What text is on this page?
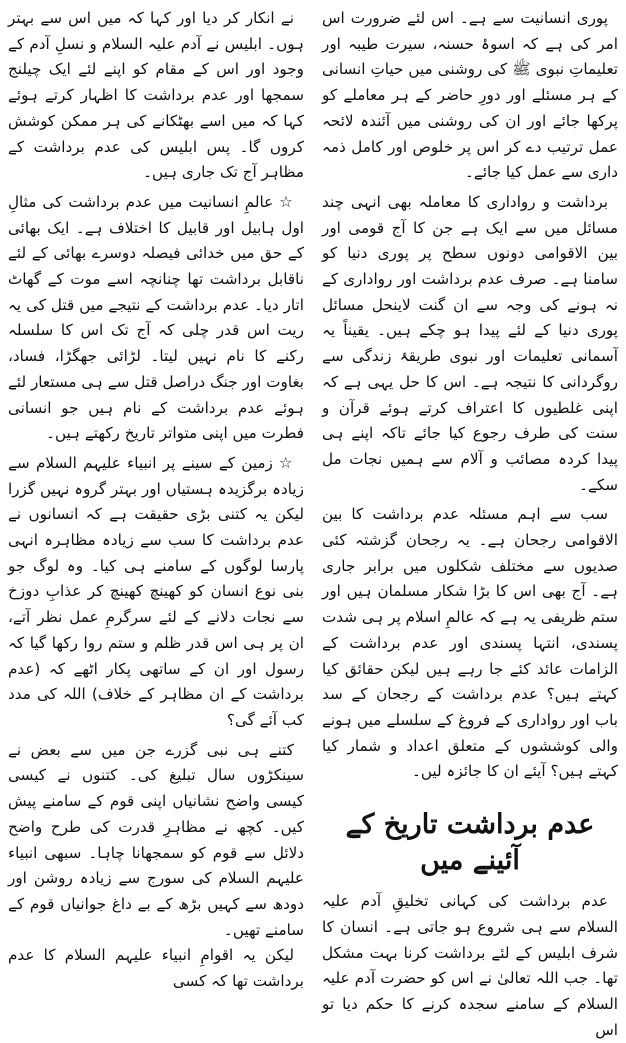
پوری انسانیت سے ہے۔ اس لئے ضرورت اس امر کی ہے کہ اسوۂ حسنہ، سیرت طیبہ اور تعلیماتِ نبوی ﷺ کی روشنی میں حیاتِ انسانی کے ہر مسئلے اور دورِ حاضر کے ہر معاملے کو پرکھا جائے اور ان کی روشنی میں آئندہ لائحہ عمل ترتیب دے کر اس پر خلوص اور کامل ذمہ داری سے عمل کیا جائے۔

برداشت و رواداری کا معاملہ بھی انہی چند مسائل میں سے ایک ہے جن کا آج قومی اور بین الاقوامی دونوں سطح پر پوری دنیا کو سامنا ہے۔ صرف عدم برداشت اور رواداری کے نہ ہونے کی وجہ سے ان گنت لاینحل مسائل پوری دنیا کے لئے پیدا ہو چکے ہیں۔ یقیناً یہ آسمانی تعلیمات اور نبوی طریقۂ زندگی سے روگردانی کا نتیجہ ہے۔ اس کا حل یہی ہے کہ اپنی غلطیوں کا اعتراف کرتے ہوئے قرآن و سنت کی طرف رجوع کیا جائے تاکہ اپنے ہی پیدا کردہ مصائب و آلام سے ہمیں نجات مل سکے۔

سب سے اہم مسئلہ عدم برداشت کا بین الاقوامی رجحان ہے۔ یہ رجحان گزشتہ کئی صدیوں سے مختلف شکلوں میں برابر جاری ہے۔ آج بھی اس کا بڑا شکار مسلمان ہیں اور ستم ظریفی یہ ہے کہ عالمِ اسلام پر ہی شدت پسندی، انتہا پسندی اور عدم برداشت کے الزامات عائد کئے جا رہے ہیں لیکن حقائق کیا کہتے ہیں؟ عدم برداشت کے رجحان کے سد باب اور رواداری کے فروغ کے سلسلے میں ہونے والی کوششوں کے متعلق اعداد و شمار کیا کہتے ہیں؟ آیئے ان کا جائزہ لیں۔

عدم برداشت تاریخ کے آئینے میں

عدم برداشت کی کہانی تخلیقِ آدم علیہ السلام سے ہی شروع ہو جاتی ہے۔ انسان کا شرف ابلیس کے لئے برداشت کرنا بہت مشکل تھا۔ جب اللہ تعالیٰ نے اس کو حضرت آدم علیہ السلام کے سامنے سجدہ کرنے کا حکم دیا تو اس

نے انکار کر دیا اور کہا کہ میں اس سے بہتر ہوں۔ ابلیس نے آدم علیہ السلام و نسلِ آدم کے وجود اور اس کے مقام کو اپنے لئے ایک چیلنج سمجھا اور عدم برداشت کا اظہار کرتے ہوئے کہا کہ میں اسے بھٹکانے کی ہر ممکن کوشش کروں گا۔ پس ابلیس کی عدم برداشت کے مظاہر آج تک جاری ہیں۔

☆عالمِ انسانیت میں عدم برداشت کی مثالِ اول ہابیل اور قابیل کا اختلاف ہے۔ ایک بھائی کے حق میں خدائی فیصلہ دوسرے بھائی کے لئے ناقابل برداشت تھا چنانچہ اسے موت کے گھاٹ اتار دیا۔ عدم برداشت کے نتیجے میں قتل کی یہ ریت اس قدر چلی کہ آج تک اس کا سلسلہ رکنے کا نام نہیں لیتا۔ لڑائی جھگڑا، فساد، بغاوت اور جنگ دراصل قتل سے ہی مستعار لئے ہوئے عدم برداشت کے نام ہیں جو انسانی فطرت میں اپنی متواتر تاریخ رکھتے ہیں۔

☆زمین کے سینے پر انبیاء علیہم السلام سے زیادہ برگزیدہ ہستیاں اور بہتر گروہ نہیں گزرا لیکن یہ کتنی بڑی حقیقت ہے کہ انسانوں نے عدم برداشت کا سب سے زیادہ مظاہرہ انہی پارسا لوگوں کے سامنے ہی کیا۔ وہ لوگ جو بنی نوع انسان کو کھینچ کھینچ کر عذابِ دوزخ سے نجات دلانے کے لئے سرگرمِ عمل نظر آتے، ان پر ہی اس قدر ظلم و ستم روا رکھا گیا کہ رسول اور ان کے ساتھی پکار اٹھے کہ (عدم برداشت کے ان مظاہر کے خلاف) اللہ کی مدد کب آئے گی؟

کتنے ہی نبی گزرے جن میں سے بعض نے سینکڑوں سال تبلیغ کی۔ کتنوں نے کیسی کیسی واضح نشانیاں اپنی قوم کے سامنے پیش کیں۔ کچھ نے مظاہرِ قدرت کی طرح واضح دلائل سے قوم کو سمجھانا چاہا۔ سبھی انبیاء علیہم السلام کی سورج سے زیادہ روشن اور دودھ سے کہیں بڑھ کے بے داغ جوانیاں قوم کے سامنے تھیں۔

لیکن یہ اقوامِ انبیاء علیہم السلام کا عدم برداشت تھا کہ کسی
